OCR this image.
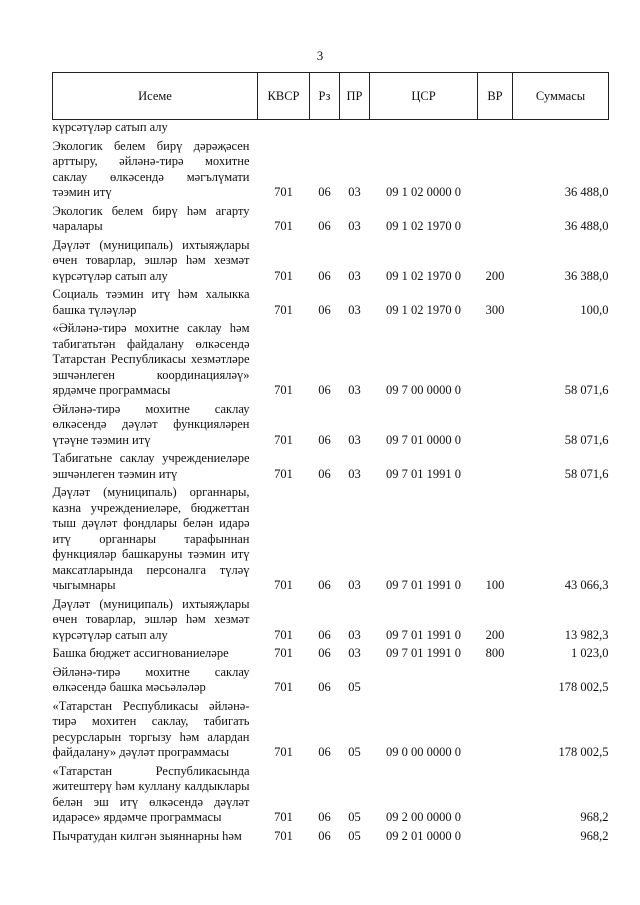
3
Исеме	КВСР	Рз	ПР	ЦСР	ВР	Суммасы
күрсәтүләр сатып алу						
Экологик белем бирү дәрәҗәсен арттыру, әйләнә-тирә мохитне саклау өлкәсендә мәгълүмати тәэмин итү	701	06	03	09 1 02 0000 0		36 488,0
Экологик белем бирү һәм агарту чаралары	701	06	03	09 1 02 1970 0		36 488,0
Дәүләт (муниципаль) ихтыяҗлары өчен товарлар, эшләр һәм хезмәт күрсәтүләр сатып алу	701	06	03	09 1 02 1970 0	200	36 388,0
Социаль тәэмин итү һәм халыкка башка түләүләр	701	06	03	09 1 02 1970 0	300	100,0
«Әйләнә-тирә мохитне саклау һәм табигатьтән файдалану өлкәсендә Татарстан Республикасы хезмәтләре эшчәнлеген координацияләү» ярдәмче программасы	701	06	03	09 7 00 0000 0		58 071,6
Әйләнә-тирә мохитне саклау өлкәсендә дәүләт функцияләрен үтәүне тәэмин итү	701	06	03	09 7 01 0000 0		58 071,6
Табигатьне саклау учреждениеләре эшчәнлеген тәэмин итү	701	06	03	09 7 01 1991 0		58 071,6
Дәүләт (муниципаль) органнары, казна учреждениеләре, бюджеттан тыш дәүләт фондлары белән идарә итү органнары тарафыннан функцияләр башкаруны тәэмин итү максатларында персоналга түләү чыгымнары	701	06	03	09 7 01 1991 0	100	43 066,3
Дәүләт (муниципаль) ихтыяҗлары өчен товарлар, эшләр һәм хезмәт күрсәтүләр сатып алу	701	06	03	09 7 01 1991 0	200	13 982,3
Башка бюджет ассигнованиеләре	701	06	03	09 7 01 1991 0	800	1 023,0
Әйләнә-тирә мохитне саклау өлкәсендә башка мәсьәләләр	701	06	05			178 002,5
«Татарстан Республикасы әйләнә-тирә мохитен саклау, табигать ресурсларын торгызу һәм алардан файдалану» дәүләт программасы	701	06	05	09 0 00 0000 0		178 002,5
«Татарстан Республикасында житештерү һәм куллану калдыклары белән эш итү өлкәсендә дәүләт идарәсе» ярдәмче программасы	701	06	05	09 2 00 0000 0		968,2
Пычратудан килгән зыяннарны һәм	701	06	05	09 2 01 0000 0		968,2
